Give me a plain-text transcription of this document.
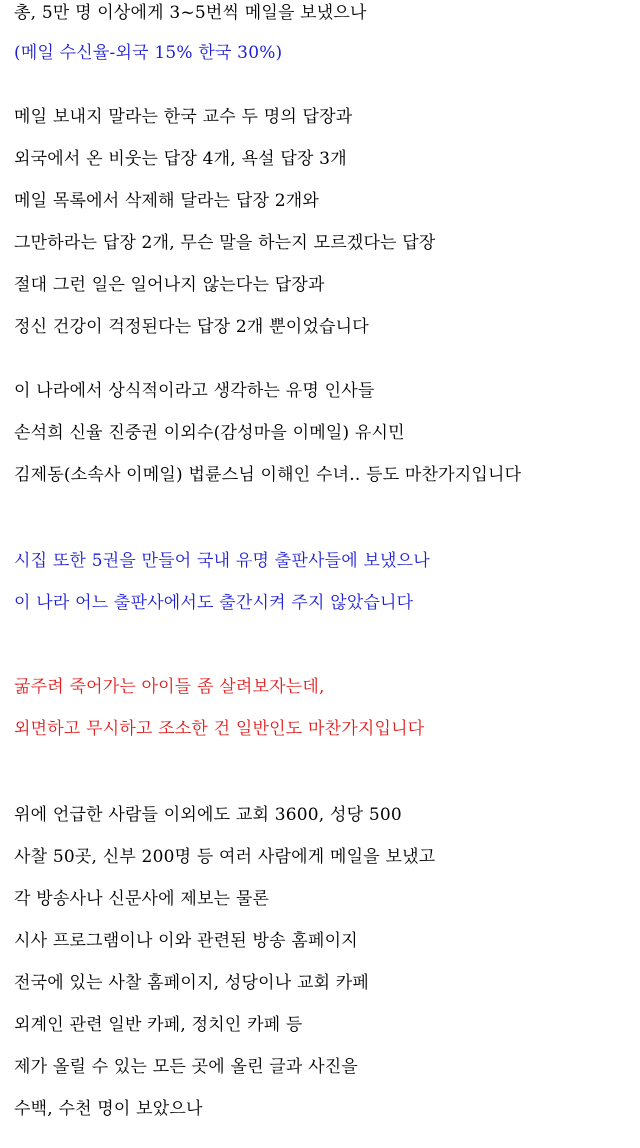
총, 5만 명 이상에게 3~5번씩 메일을 보냈으나
(메일 수신율-외국 15% 한국 30%)
메일 보내지 말라는 한국 교수 두 명의 답장과
외국에서 온 비웃는 답장 4개, 욕설 답장 3개
메일 목록에서 삭제해 달라는 답장 2개와
그만하라는 답장 2개, 무슨 말을 하는지 모르겠다는 답장
절대 그런 일은 일어나지 않는다는 답장과
정신 건강이 걱정된다는 답장 2개 뿐이었습니다
이 나라에서 상식적이라고 생각하는 유명 인사들
손석희 신율 진중권 이외수(감성마을 이메일) 유시민
김제동(소속사 이메일) 법륜스님 이해인 수녀.. 등도 마찬가지입니다
시집 또한 5권을 만들어 국내 유명 출판사들에 보냈으나
이 나라 어느 출판사에서도 출간시켜 주지 않았습니다
굶주려 죽어가는 아이들 좀 살려보자는데,
외면하고 무시하고 조소한 건 일반인도 마찬가지입니다
위에 언급한 사람들 이외에도 교회 3600, 성당 500
사찰 50곳, 신부 200명 등 여러 사람에게 메일을 보냈고
각 방송사나 신문사에 제보는 물론
시사 프로그램이나 이와 관련된 방송 홈페이지
전국에 있는 사찰 홈페이지, 성당이나 교회 카페
외계인 관련 일반 카페, 정치인 카페 등
제가 올릴 수 있는 모든 곳에 올린 글과 사진을
수백, 수천 명이 보았으나
